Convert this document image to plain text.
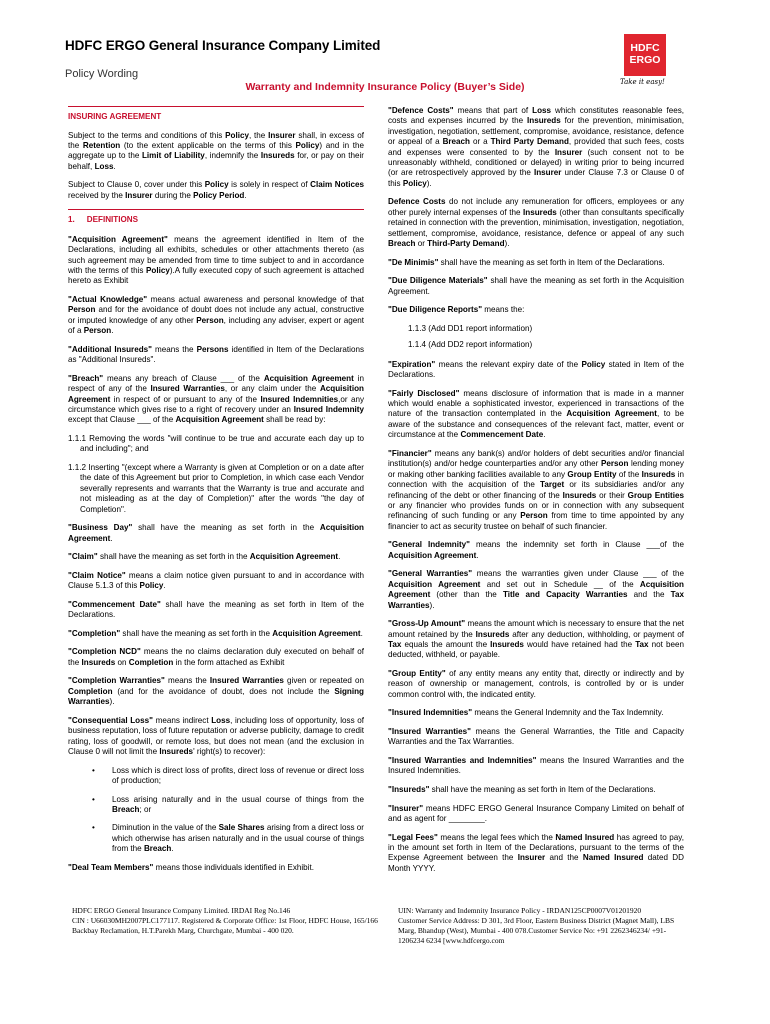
HDFC ERGO General Insurance Company Limited
Policy Wording
Warranty and Indemnity Insurance Policy (Buyer’s Side)
HDFC
ERGO
Take it easy!

INSURING AGREEMENT

Subject to the terms and conditions of this Policy, the Insurer shall, in excess of the Retention (to the extent applicable on the terms of this Policy) and in the aggregate up to the Limit of Liability, indemnify the Insureds for, or pay on their behalf, Loss.

Subject to Clause 0, cover under this Policy is solely in respect of Claim Notices received by the Insurer during the Policy Period.

1. DEFINITIONS

"Acquisition Agreement" means the agreement identified in Item of the Declarations, including all exhibits, schedules or other attachments thereto (as such agreement may be amended from time to time subject to and in accordance with the terms of this Policy).A fully executed copy of such agreement is attached hereto as Exhibit

"Actual Knowledge" means actual awareness and personal knowledge of that Person and for the avoidance of doubt does not include any actual, constructive or imputed knowledge of any other Person, including any adviser, expert or agent of a Person.

"Additional Insureds" means the Persons identified in Item of the Declarations as "Additional Insureds".

"Breach" means any breach of Clause ___ of the Acquisition Agreement in respect of any of the Insured Warranties, or any claim under the Acquisition Agreement in respect of or pursuant to any of the Insured Indemnities,or any circumstance which gives rise to a right of recovery under an Insured Indemnity except that Clause ___ of the Acquisition Agreement shall be read by:

1.1.1 Removing the words "will continue to be true and accurate each day up to and including"; and

1.1.2 Inserting "(except where a Warranty is given at Completion or on a date after the date of this Agreement but prior to Completion, in which case each Vendor severally represents and warrants that the Warranty is true and accurate and not misleading as at the day of Completion)" after the words "the day of Completion".

"Business Day" shall have the meaning as set forth in the Acquisition Agreement.

"Claim" shall have the meaning as set forth in the Acquisition Agreement.

"Claim Notice" means a claim notice given pursuant to and in accordance with Clause 5.1.3 of this Policy.

"Commencement Date" shall have the meaning as set forth in Item of the Declarations.

"Completion" shall have the meaning as set forth in the Acquisition Agreement.

"Completion NCD" means the no claims declaration duly executed on behalf of the Insureds on Completion in the form attached as Exhibit

"Completion Warranties" means the Insured Warranties given or repeated on Completion (and for the avoidance of doubt, does not include the Signing Warranties).

"Consequential Loss" means indirect Loss, including loss of opportunity, loss of business reputation, loss of future reputation or adverse publicity, damage to credit rating, loss of goodwill, or remote loss, but does not mean (and the exclusion in Clause 0 will not limit the Insureds' right(s) to recover):

• Loss which is direct loss of profits, direct loss of revenue or direct loss of production;
• Loss arising naturally and in the usual course of things from the Breach; or
• Diminution in the value of the Sale Shares arising from a direct loss or which otherwise has arisen naturally and in the usual course of things from the Breach.

"Deal Team Members" means those individuals identified in Exhibit.

"Defence Costs" means that part of Loss which constitutes reasonable fees, costs and expenses incurred by the Insureds for the prevention, minimisation, investigation, negotiation, settlement, compromise, avoidance, resistance, defence or appeal of a Breach or a Third Party Demand, provided that such fees, costs and expenses were consented to by the Insurer (such consent not to be unreasonably withheld, conditioned or delayed) in writing prior to being incurred (or are retrospectively approved by the Insurer under Clause 7.3 or Clause 0 of this Policy).

Defence Costs do not include any remuneration for officers, employees or any other purely internal expenses of the Insureds (other than consultants specifically retained in connection with the prevention, minimisation, investigation, negotiation, settlement, compromise, avoidance, resistance, defence or appeal of any such Breach or Third-Party Demand).

"De Minimis" shall have the meaning as set forth in Item of the Declarations.

"Due Diligence Materials" shall have the meaning as set forth in the Acquisition Agreement.

"Due Diligence Reports" means the:

1.1.3 (Add DD1 report information)
1.1.4 (Add DD2 report information)

"Expiration" means the relevant expiry date of the Policy stated in Item of the Declarations.

"Fairly Disclosed" means disclosure of information that is made in a manner which would enable a sophisticated investor, experienced in transactions of the nature of the transaction contemplated in the Acquisition Agreement, to be aware of the substance and consequences of the relevant fact, matter, event or circumstance at the Commencement Date.

"Financier" means any bank(s) and/or holders of debt securities and/or financial institution(s) and/or hedge counterparties and/or any other Person lending money or making other banking facilities available to any Group Entity of the Insureds in connection with the acquisition of the Target or its subsidiaries and/or any refinancing of the debt or other financing of the Insureds or their Group Entities or any financier who provides funds on or in connection with any subsequent refinancing of such funding or any Person from time to time appointed by any financier to act as security trustee on behalf of such financier.

"General Indemnity" means the indemnity set forth in Clause ___of the Acquisition Agreement.

"General Warranties" means the warranties given under Clause ___ of the Acquisition Agreement and set out in Schedule __ of the Acquisition Agreement (other than the Title and Capacity Warranties and the Tax Warranties).

"Gross-Up Amount" means the amount which is necessary to ensure that the net amount retained by the Insureds after any deduction, withholding, or payment of Tax equals the amount the Insureds would have retained had the Tax not been deducted, withheld, or payable.

"Group Entity" of any entity means any entity that, directly or indirectly and by reason of ownership or management, controls, is controlled by or is under common control with, the indicated entity.

"Insured Indemnities" means the General Indemnity and the Tax Indemnity.

"Insured Warranties" means the General Warranties, the Title and Capacity Warranties and the Tax Warranties.

"Insured Warranties and Indemnities" means the Insured Warranties and the Insured Indemnities.

"Insureds" shall have the meaning as set forth in Item of the Declarations.

"Insurer" means HDFC ERGO General Insurance Company Limited on behalf of and as agent for ________.

"Legal Fees" means the legal fees which the Named Insured has agreed to pay, in the amount set forth in Item of the Declarations, pursuant to the terms of the Expense Agreement between the Insurer and the Named Insured dated DD Month YYYY.

HDFC ERGO General Insurance Company Limited. IRDAI Reg No.146
CIN : U66030MH2007PLC177117. Registered & Corporate Office: 1st Floor, HDFC House, 165/166 Backbay Reclamation, H.T.Parekh Marg, Churchgate, Mumbai - 400 020.
UIN: Warranty and Indemnity Insurance Policy - IRDAN125CP0007V01201920
Customer Service Address: D 301, 3rd Floor, Eastern Business District (Magnet Mall), LBS Marg, Bhandup (West), Mumbai - 400 078.Customer Service No: +91 2262346234/ +91-1206234 6234 [www.hdfcergo.com
